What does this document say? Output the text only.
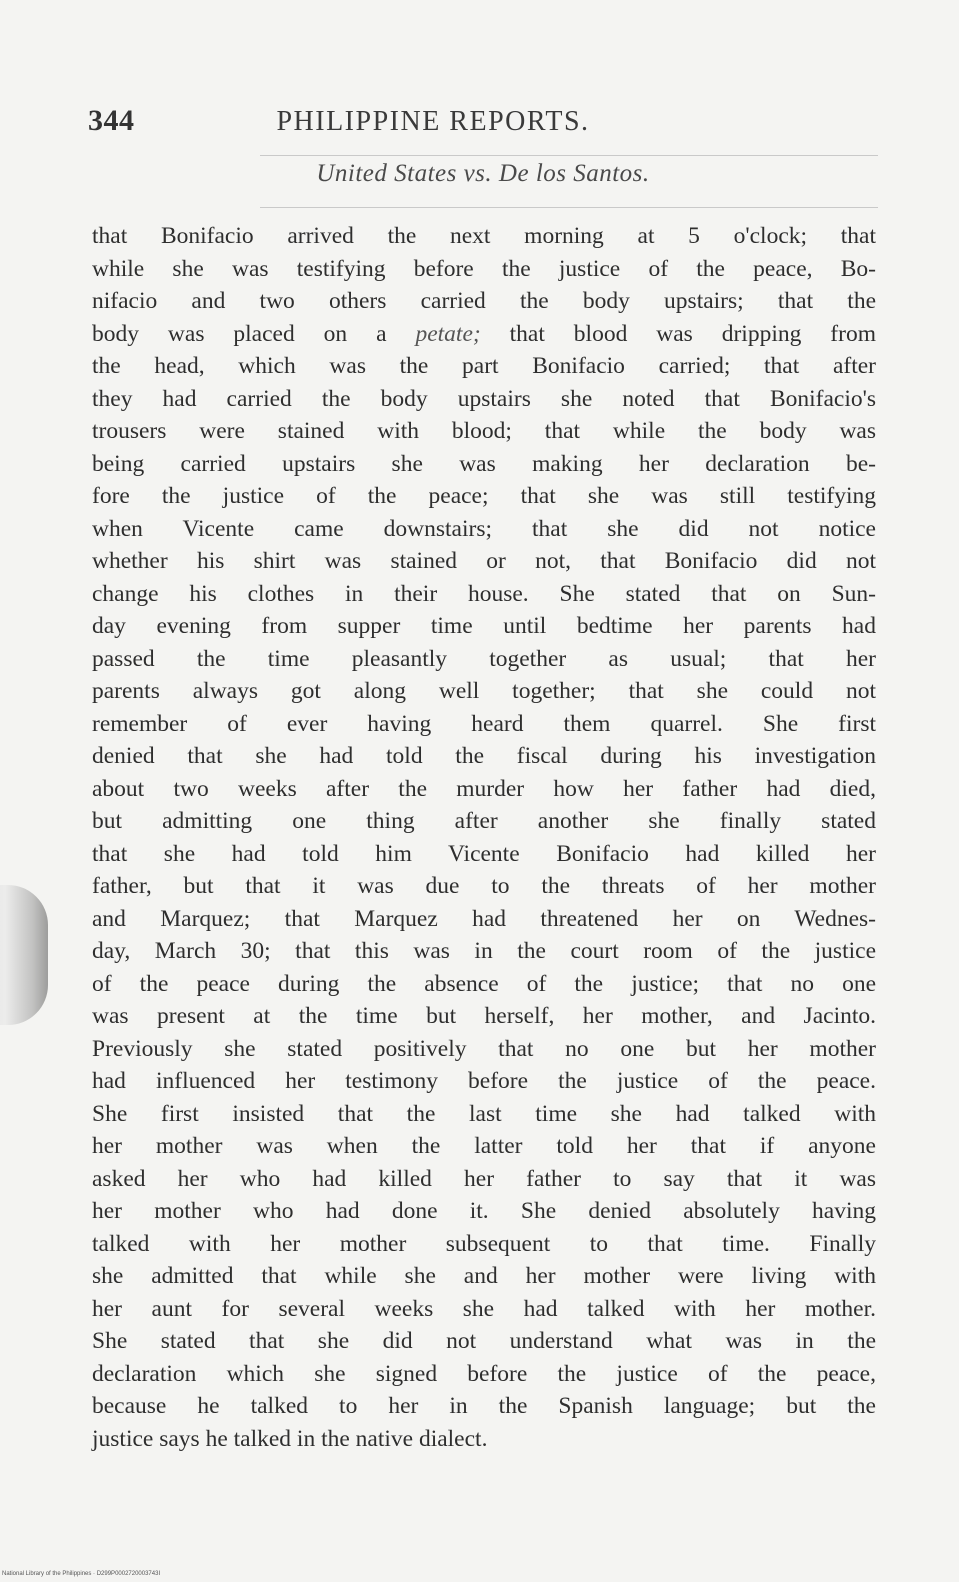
344	PHILIPPINE REPORTS.
United States vs. De los Santos.
that Bonifacio arrived the next morning at 5 o'clock; that
while she was testifying before the justice of the peace, Bo-
nifacio and two others carried the body upstairs; that the
body was placed on a petate; that blood was dripping from
the head, which was the part Bonifacio carried; that after
they had carried the body upstairs she noted that Bonifacio's
trousers were stained with blood; that while the body was
being carried upstairs she was making her declaration be-
fore the justice of the peace; that she was still testifying
when Vicente came downstairs; that she did not notice
whether his shirt was stained or not, that Bonifacio did not
change his clothes in their house. She stated that on Sun-
day evening from supper time until bedtime her parents had
passed the time pleasantly together as usual; that her
parents always got along well together; that she could not
remember of ever having heard them quarrel. She first
denied that she had told the fiscal during his investigation
about two weeks after the murder how her father had died,
but admitting one thing after another she finally stated
that she had told him Vicente Bonifacio had killed her
father, but that it was due to the threats of her mother
and Marquez; that Marquez had threatened her on Wednes-
day, March 30; that this was in the court room of the justice
of the peace during the absence of the justice; that no one
was present at the time but herself, her mother, and Jacinto.
Previously she stated positively that no one but her mother
had influenced her testimony before the justice of the peace.
She first insisted that the last time she had talked with
her mother was when the latter told her that if anyone
asked her who had killed her father to say that it was
her mother who had done it. She denied absolutely having
talked with her mother subsequent to that time. Finally
she admitted that while she and her mother were living with
her aunt for several weeks she had talked with her mother.
She stated that she did not understand what was in the
declaration which she signed before the justice of the peace,
because he talked to her in the Spanish language; but the
justice says he talked in the native dialect.
National Library of the Philippines · D299P0002720003743I
